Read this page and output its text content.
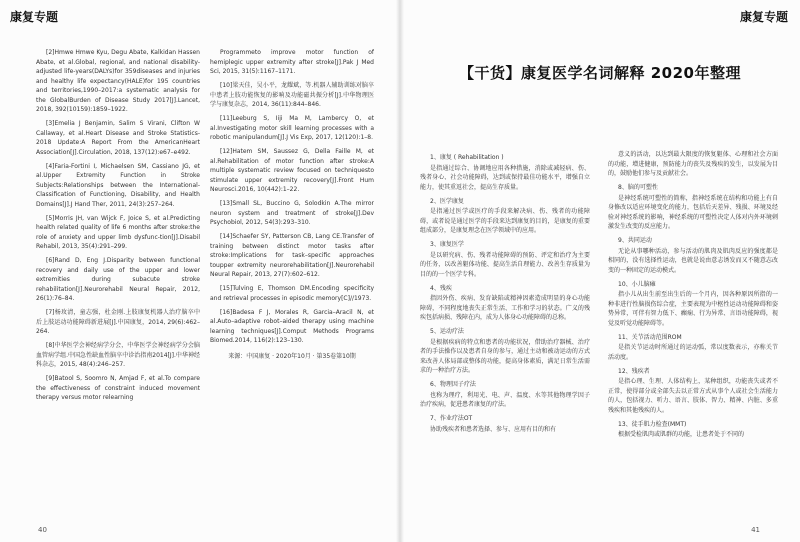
康复专题

[2]Hmwe Hmwe Kyu, Degu Abate, Kalkidan Hassen Abate, et al.Global, regional, and national disability-adjusted life-years(DALYs)for 359diseases and injuries and healthy life expectancy(HALE)for 195 countries and territories,1990–2017:a systematic analysis for the GlobalBurden of Disease Study 2017[J].Lancet, 2018, 392(10159):1859–1922.

[3]Emelia J Benjamin, Salim S Virani, Clifton W Callaway, et al.Heart Disease and Stroke Statistics-2018 Update:A Report From the AmericanHeart Association[J].Circulation, 2018, 137(12):e67–e492.

[4]Faria-Fortini I, Michaelsen SM, Cassiano JG, et al.Upper Extremity Function in Stroke Subjects:Relationships between the International-Classification of Functioning, Disability, and Health Domains[J].J Hand Ther, 2011, 24(3):257–264.

[5]Morris JH, van Wijck F, Joice S, et al.Predicting health related quality of life 6 months after stroke:the role of anxiety and upper limb dysfunc-tion[J].Disabil Rehabil, 2013, 35(4):291–299.

[6]Rand D, Eng J.Disparity between functional recovery and daily use of the upper and lower extremities during subacute stroke rehabilitation[J].Neurorehabil Neural Repair, 2012, 26(1):76–84.

[7]杨玫清，童志强，杜金刚.上肢康复机器人治疗脑卒中后上肢运动功能障碍新进展[J].中国康复，2014, 29(6):462–264.

[8]中华医学会神经病学分会，中华医学会神经病学分会脑血管病学组.中国急性缺血性脑卒中诊治指南2014[J].中华神经科杂志，2015, 48(4):246–257.

[9]Batool S, Soomro N, Amjad F, et al.To compare the effectiveness of constraint induced movement therapy versus motor relearning

Programmeto improve motor function of hemiplegic upper extremity after stroke[J].Pak J Med Sci, 2015, 31(5):1167–1171.

[10]梁天佳，吴小平，龙耀斌，等.机器人辅助训练对脑卒中患者上肢功能恢复的影响及功能磁共振分析[J].中华物理医学与康复杂志，2014, 36(11):844–846.

[11]Leeburg S, Iiji Ma M, Lambercy O, et al.Investigating motor skill learning processes with a robotic manipulandum[J].J Vis Exp, 2017, 12(120):1–8.

[12]Hatem SM, Saussez G, Della Faille M, et al.Rehabilitation of motor function after stroke:A multiple systematic review focused on techniquesto stimulate upper extremity recovery[J].Front Hum Neurosci.2016, 10(442):1–22.

[13]Small SL, Buccino G, Solodkin A.The mirror neuron system and treatment of stroke[J].Dev Psychobiol, 2012, 54(3):293–310.

[14]Schaefer SY, Patterson CB, Lang CE.Transfer of training between distinct motor tasks after stroke:Implications for task–specific approaches toupper extremity neurorehabilitation[J].Neurorehabil Neural Repair, 2013, 27(7):602–612.

[15]Tulving E, Thomson DM.Encoding specificity and retrieval processes in episodic memory[C]//1973.

[16]Badesa F J, Morales R, Garcia–Aracil N, et al.Auto–adaptive robot–aided therapy using machine learning techniques[J].Comput Methods Programs Biomed.2014, 116(2):123–130.

来源：中国康复 · 2020年10月 · 第35卷第10期

40
康复专题
【干货】康复医学名词解释 2020年整理

1、康复 ( Rehabilitation )

是指通过综合、协调地应用各种措施，消除或减轻病、伤、残者身心、社会功能障碍，达到或保持最佳功能水平，增强自立能力，使其重返社会，提高生存质量。

2、医学康复

是指通过医学或医疗的手段来解决病、伤、残者的功能障碍，或者说是通过医学的手段来达到康复的目的，是康复的重要组成部分，是康复理念在医学领域中的应用。

3、康复医学

是以研究病、伤、残者功能障碍的预防、评定和治疗为主要的任务，以改善躯体功能、提高生活自理能力、改善生存质量为目的的一个医学专科。

4、残疾

指因外伤、疾病、发育缺陷或精神因素造成明显的身心功能障碍，不同程度地丧失正常生活、工作和学习的状态。广义的残疾包括病损、残障在内，成为人体身心功能障碍的总称。

5、运动疗法

是根据疾病的特点和患者的功能状况，借助治疗器械、治疗者的手法操作以及患者自身的参与，通过主动和被动运动的方式来改善人体局部或整体的功能，提高身体素质，满足日常生活需求的一种治疗方法。

6、物理因子疗法

也称为理疗，利用光、电、声、温度、水等其他物理学因子治疗疾病，促进患者康复的疗法。

7、作业疗法OT

协助残疾者和患者选择、参与、应用有目的和有

意义的活动，以达到最大限度的恢复躯体、心理和社会方面的功能，增进健康，预防能力的丧失及残疾的发生，以发展为目的，鼓励他们参与及贡献社会。

8、脑的可塑性

是神经系统可塑性的简称，指神经系统在结构和功能上有自身修改以适应环境变化的能力，包括后天差异、残损、环境及经验对神经系统的影响，神经系统的可塑性决定人体对内外环境刺激发生改变的反应能力。

9、共同运动

无论从事哪种活动，参与活动的肌肉及肌肉反应的强度都是相同的，没有选择性运动，也就是说由意志诱发而又不随意志改变的一种固定的运动模式。

10、小儿脑瘫

指小儿从出生前至出生后的一个月内，因各种原因所指的一种非进行性脑损伤综合症，主要表现为中枢性运动功能障碍和姿势异常，可伴有智力低下、癫痫、行为异常、言语功能障碍，视觉及听觉功能障碍等。

11、关节活动范围ROM

是指关节运动时所通过的运动弧，常以度数表示，亦称关节活动度。

12、残疾者

是指心理、生理、人体结构上，某种组织，功能丧失或者不正常，使得部分或全部失去以正常方式从事个人或社会生活能力的人，包括视力、听力、语言、肢体、智力、精神、内脏、多重残疾和其他残疾的人。

13、徒手肌力检查(MMT)

根据受检肌肉或肌群的功能，让患者处于不同的

41
